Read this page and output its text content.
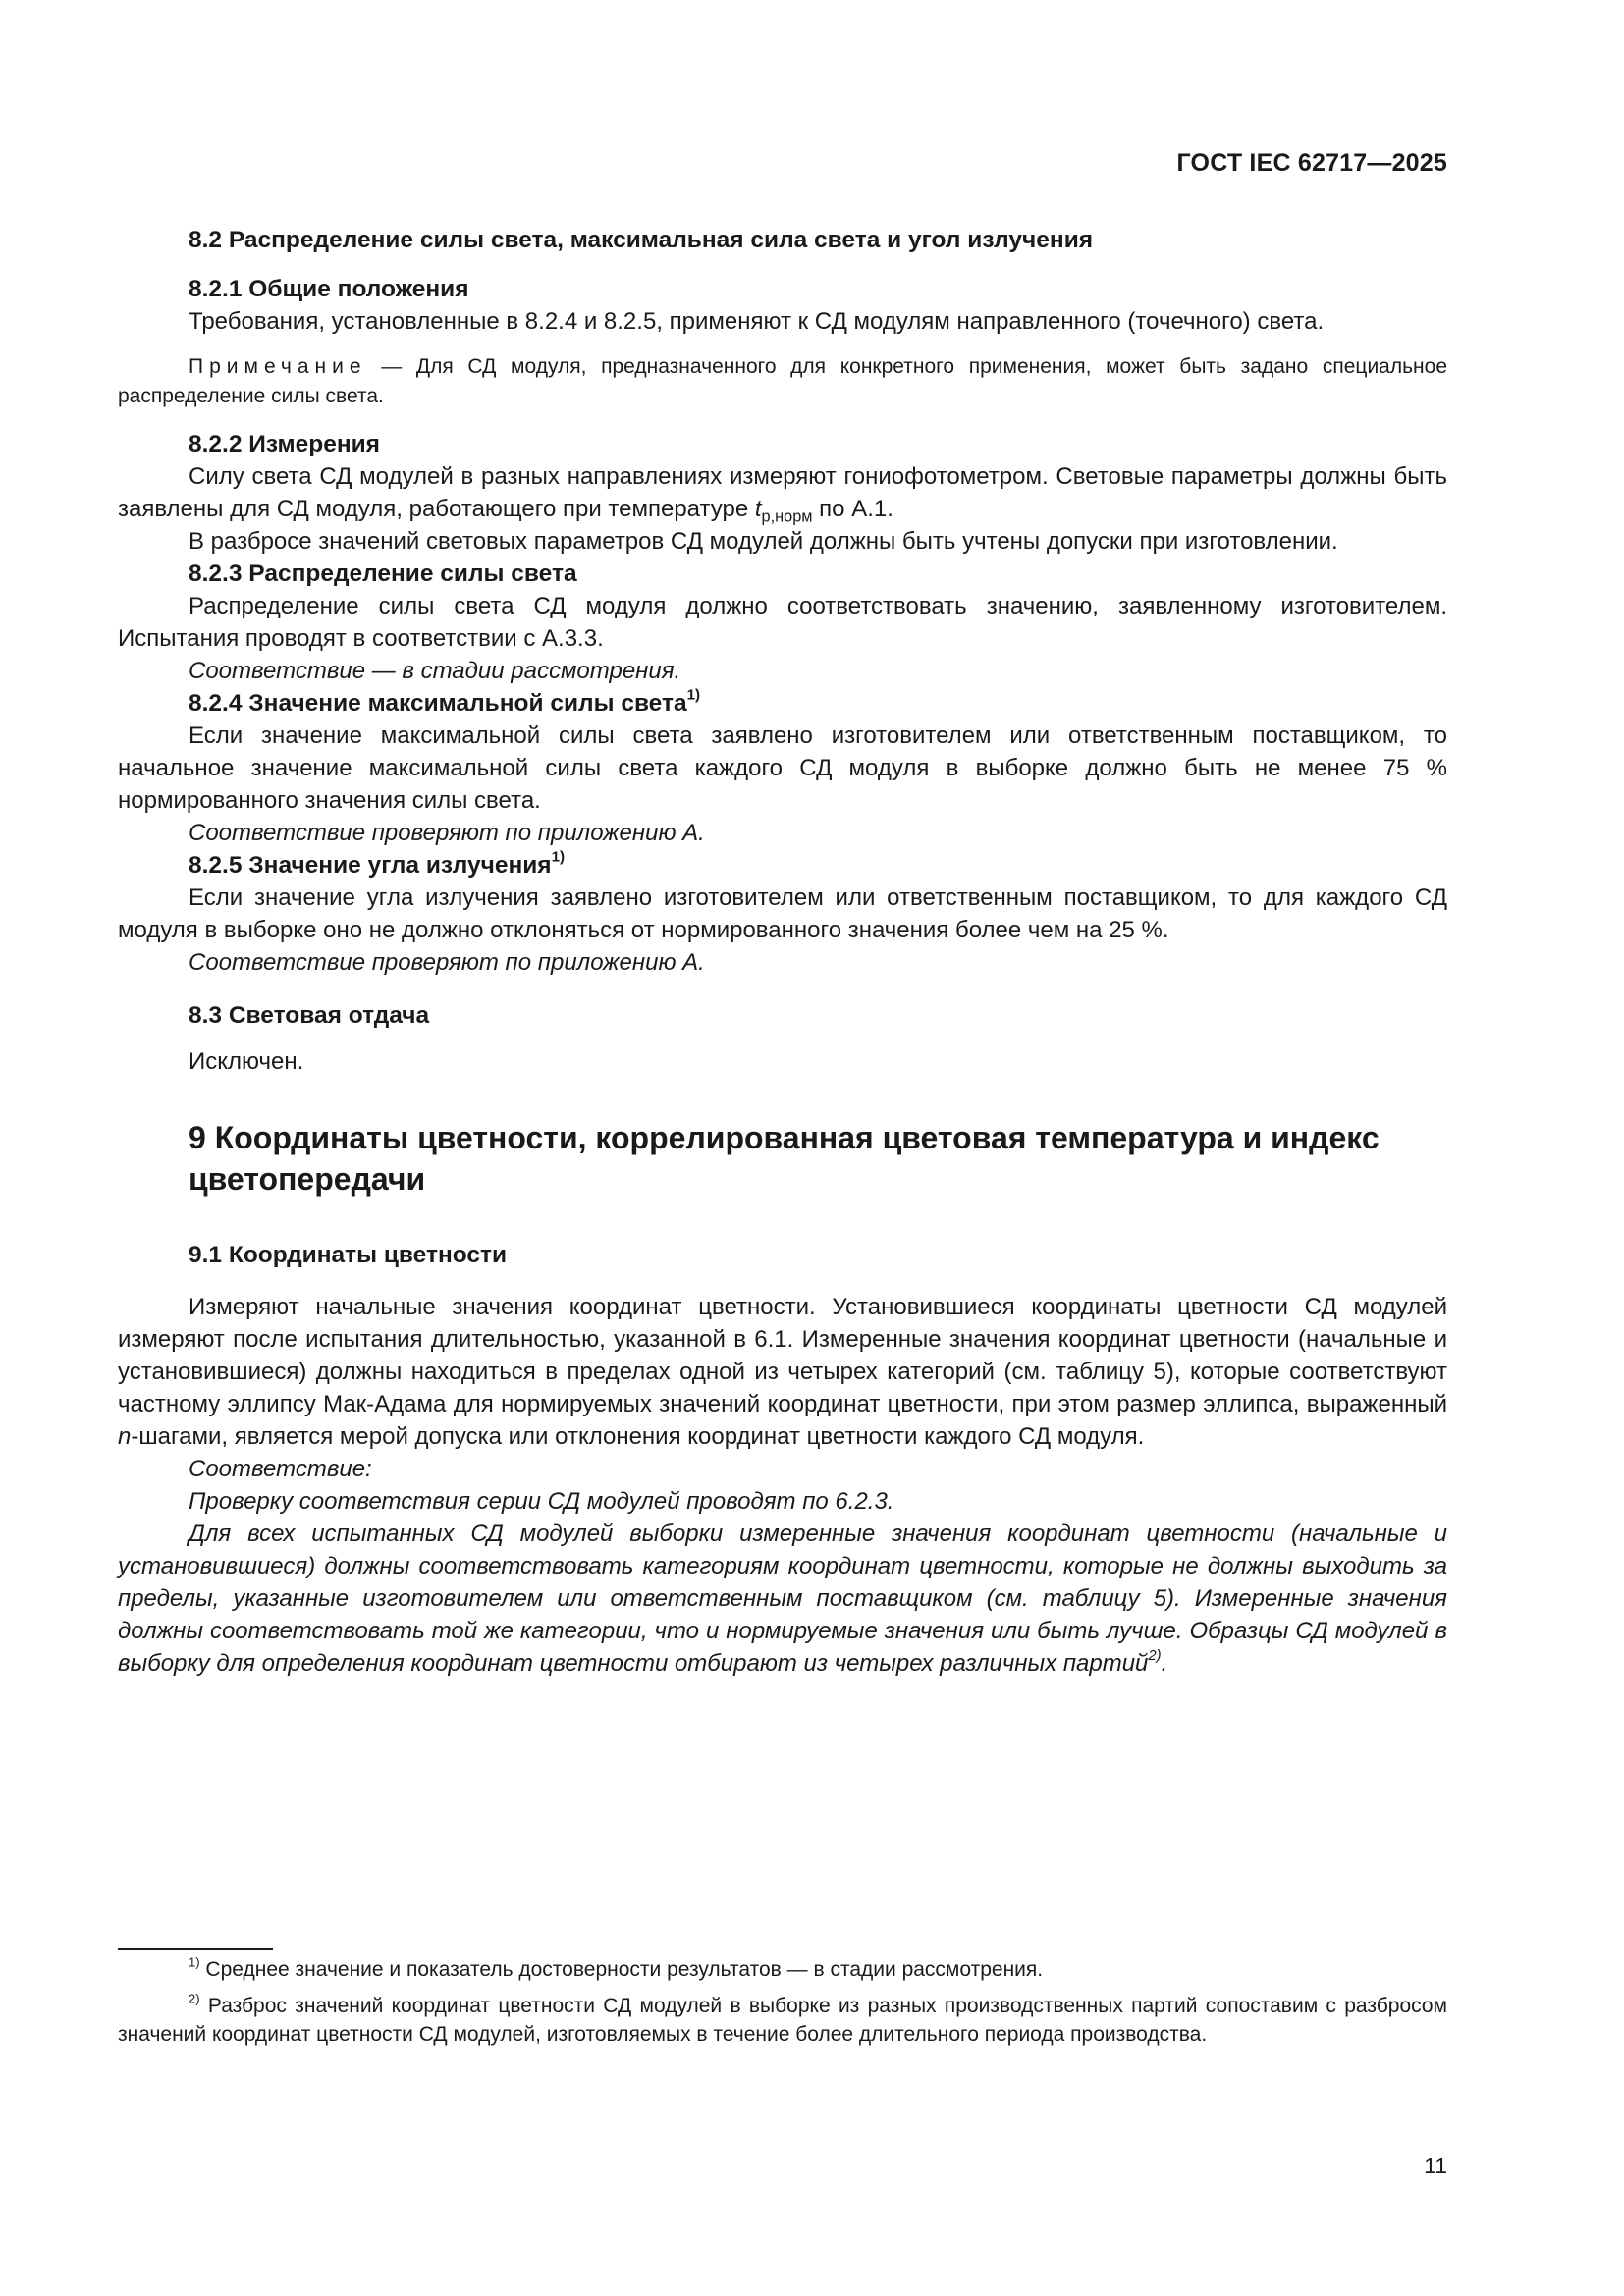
ГОСТ IEC 62717—2025

8.2 Распределение силы света, максимальная сила света и угол излучения

8.2.1 Общие положения

Требования, установленные в 8.2.4 и 8.2.5, применяют к СД модулям направленного (точечного) света.

Примечание — Для СД модуля, предназначенного для конкретного применения, может быть задано специальное распределение силы света.

8.2.2 Измерения

Силу света СД модулей в разных направлениях измеряют гониофотометром. Световые параметры должны быть заявлены для СД модуля, работающего при температуре $t_{p,норм}$ по А.1.

В разбросе значений световых параметров СД модулей должны быть учтены допуски при изготовлении.

8.2.3 Распределение силы света

Распределение силы света СД модуля должно соответствовать значению, заявленному изготовителем. Испытания проводят в соответствии с А.3.3.

Соответствие — в стадии рассмотрения.

8.2.4 Значение максимальной силы света$^{1)}$

Если значение максимальной силы света заявлено изготовителем или ответственным поставщиком, то начальное значение максимальной силы света каждого СД модуля в выборке должно быть не менее 75 % нормированного значения силы света.

Соответствие проверяют по приложению А.

8.2.5 Значение угла излучения$^{1)}$

Если значение угла излучения заявлено изготовителем или ответственным поставщиком, то для каждого СД модуля в выборке оно не должно отклоняться от нормированного значения более чем на 25 %.

Соответствие проверяют по приложению А.

8.3 Световая отдача

Исключен.

9 Координаты цветности, коррелированная цветовая температура и индекс цветопередачи

9.1 Координаты цветности

Измеряют начальные значения координат цветности. Установившиеся координаты цветности СД модулей измеряют после испытания длительностью, указанной в 6.1. Измеренные значения координат цветности (начальные и установившиеся) должны находиться в пределах одной из четырех категорий (см. таблицу 5), которые соответствуют частному эллипсу Мак-Адама для нормируемых значений координат цветности, при этом размер эллипса, выраженный n-шагами, является мерой допуска или отклонения координат цветности каждого СД модуля.

Соответствие:

Проверку соответствия серии СД модулей проводят по 6.2.3.

Для всех испытанных СД модулей выборки измеренные значения координат цветности (начальные и установившиеся) должны соответствовать категориям координат цветности, которые не должны выходить за пределы, указанные изготовителем или ответственным поставщиком (см. таблицу 5). Измеренные значения должны соответствовать той же категории, что и нормируемые значения или быть лучше. Образцы СД модулей в выборку для определения координат цветности отбирают из четырех различных партий$^{2)}$.

$^{1)}$ Среднее значение и показатель достоверности результатов — в стадии рассмотрения.

$^{2)}$ Разброс значений координат цветности СД модулей в выборке из разных производственных партий сопоставим с разбросом значений координат цветности СД модулей, изготовляемых в течение более длительного периода производства.

11
